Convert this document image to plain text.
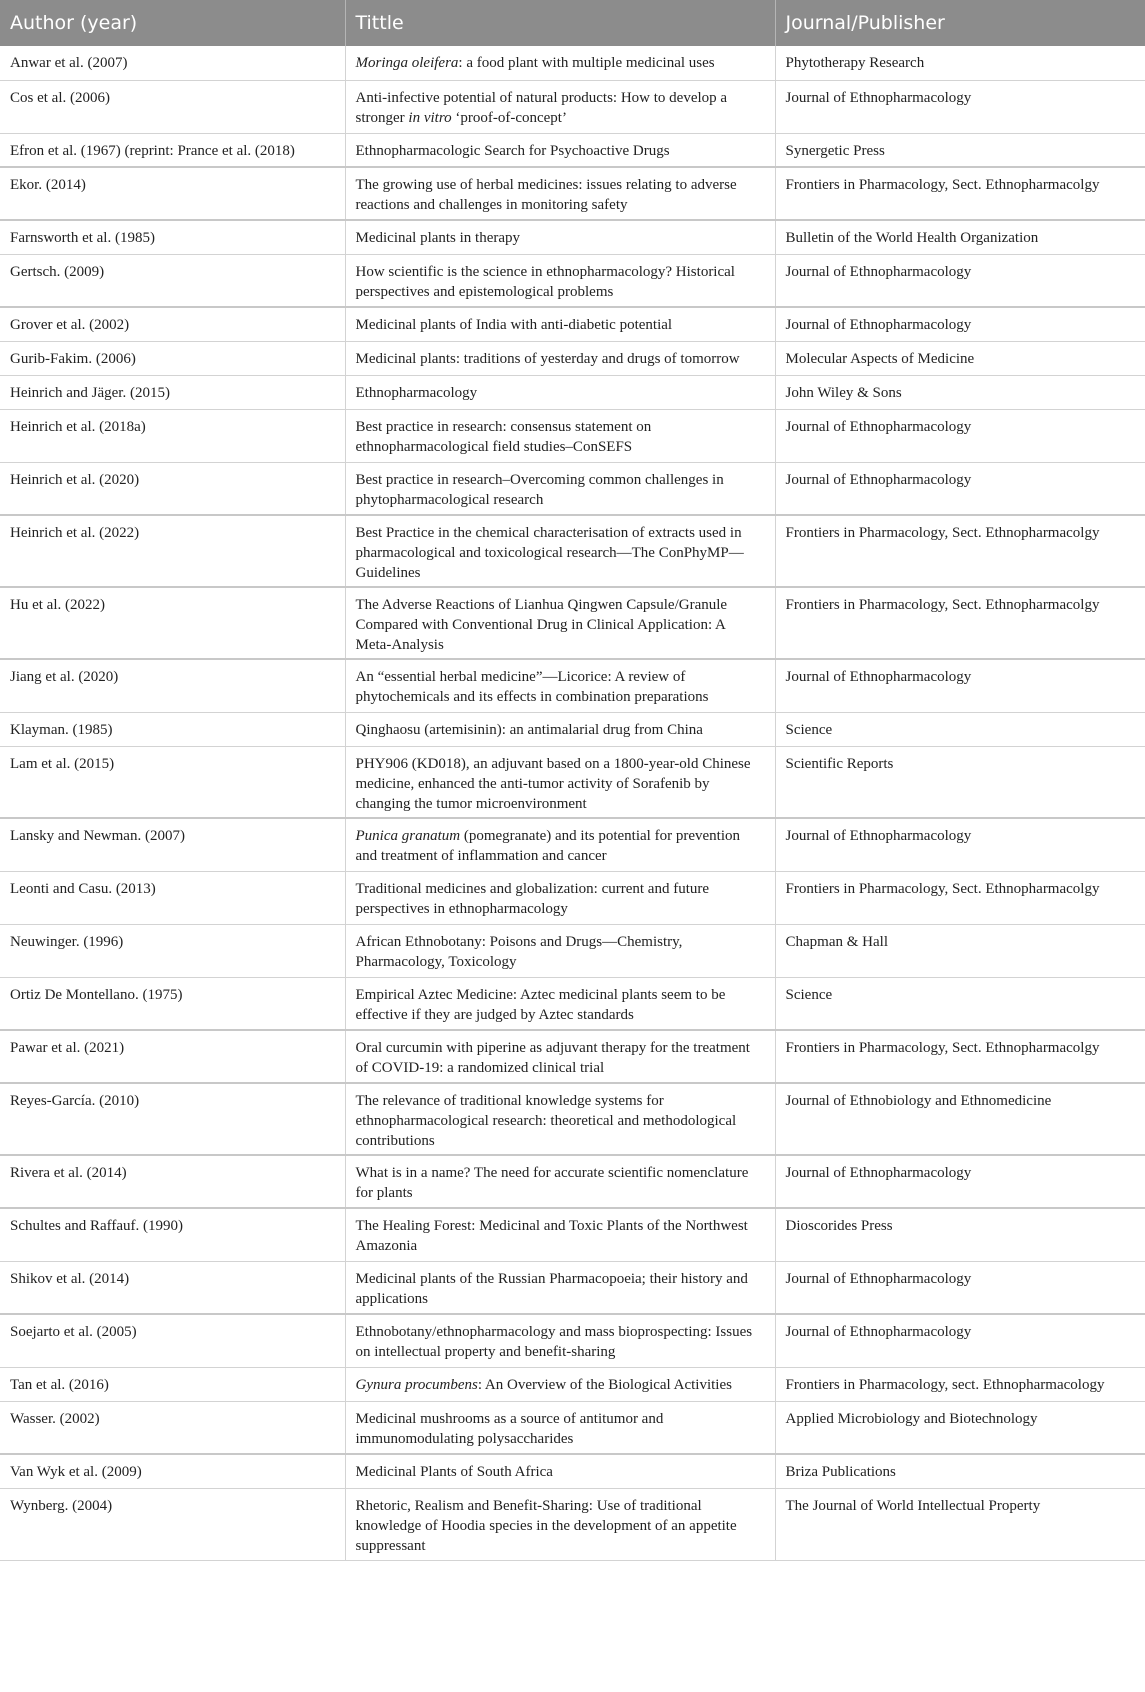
Author (year)	Tittle	Journal/Publisher
Anwar et al. (2007)	Moringa oleifera: a food plant with multiple medicinal uses	Phytotherapy Research
Cos et al. (2006)	Anti-infective potential of natural products: How to develop a stronger in vitro ‘proof-of-concept’	Journal of Ethnopharmacology
Efron et al. (1967) (reprint: Prance et al. (2018)	Ethnopharmacologic Search for Psychoactive Drugs	Synergetic Press
Ekor. (2014)	The growing use of herbal medicines: issues relating to adverse reactions and challenges in monitoring safety	Frontiers in Pharmacology, Sect. Ethnopharmacolgy
Farnsworth et al. (1985)	Medicinal plants in therapy	Bulletin of the World Health Organization
Gertsch. (2009)	How scientific is the science in ethnopharmacology? Historical perspectives and epistemological problems	Journal of Ethnopharmacology
Grover et al. (2002)	Medicinal plants of India with anti-diabetic potential	Journal of Ethnopharmacology
Gurib-Fakim. (2006)	Medicinal plants: traditions of yesterday and drugs of tomorrow	Molecular Aspects of Medicine
Heinrich and Jäger. (2015)	Ethnopharmacology	John Wiley & Sons
Heinrich et al. (2018a)	Best practice in research: consensus statement on ethnopharmacological field studies–ConSEFS	Journal of Ethnopharmacology
Heinrich et al. (2020)	Best practice in research–Overcoming common challenges in phytopharmacological research	Journal of Ethnopharmacology
Heinrich et al. (2022)	Best Practice in the chemical characterisation of extracts used in pharmacological and toxicological research—The ConPhyMP—Guidelines	Frontiers in Pharmacology, Sect. Ethnopharmacolgy
Hu et al. (2022)	The Adverse Reactions of Lianhua Qingwen Capsule/Granule Compared with Conventional Drug in Clinical Application: A Meta-Analysis	Frontiers in Pharmacology, Sect. Ethnopharmacolgy
Jiang et al. (2020)	An “essential herbal medicine”—Licorice: A review of phytochemicals and its effects in combination preparations	Journal of Ethnopharmacology
Klayman. (1985)	Qinghaosu (artemisinin): an antimalarial drug from China	Science
Lam et al. (2015)	PHY906 (KD018), an adjuvant based on a 1800-year-old Chinese medicine, enhanced the anti-tumor activity of Sorafenib by changing the tumor microenvironment	Scientific Reports
Lansky and Newman. (2007)	Punica granatum (pomegranate) and its potential for prevention and treatment of inflammation and cancer	Journal of Ethnopharmacology
Leonti and Casu. (2013)	Traditional medicines and globalization: current and future perspectives in ethnopharmacology	Frontiers in Pharmacology, Sect. Ethnopharmacolgy
Neuwinger. (1996)	African Ethnobotany: Poisons and Drugs—Chemistry, Pharmacology, Toxicology	Chapman & Hall
Ortiz De Montellano. (1975)	Empirical Aztec Medicine: Aztec medicinal plants seem to be effective if they are judged by Aztec standards	Science
Pawar et al. (2021)	Oral curcumin with piperine as adjuvant therapy for the treatment of COVID-19: a randomized clinical trial	Frontiers in Pharmacology, Sect. Ethnopharmacolgy
Reyes-García. (2010)	The relevance of traditional knowledge systems for ethnopharmacological research: theoretical and methodological contributions	Journal of Ethnobiology and Ethnomedicine
Rivera et al. (2014)	What is in a name? The need for accurate scientific nomenclature for plants	Journal of Ethnopharmacology
Schultes and Raffauf. (1990)	The Healing Forest: Medicinal and Toxic Plants of the Northwest Amazonia	Dioscorides Press
Shikov et al. (2014)	Medicinal plants of the Russian Pharmacopoeia; their history and applications	Journal of Ethnopharmacology
Soejarto et al. (2005)	Ethnobotany/ethnopharmacology and mass bioprospecting: Issues on intellectual property and benefit-sharing	Journal of Ethnopharmacology
Tan et al. (2016)	Gynura procumbens: An Overview of the Biological Activities	Frontiers in Pharmacology, sect. Ethnopharmacology
Wasser. (2002)	Medicinal mushrooms as a source of antitumor and immunomodulating polysaccharides	Applied Microbiology and Biotechnology
Van Wyk et al. (2009)	Medicinal Plants of South Africa	Briza Publications
Wynberg. (2004)	Rhetoric, Realism and Benefit-Sharing: Use of traditional knowledge of Hoodia species in the development of an appetite suppressant	The Journal of World Intellectual Property
